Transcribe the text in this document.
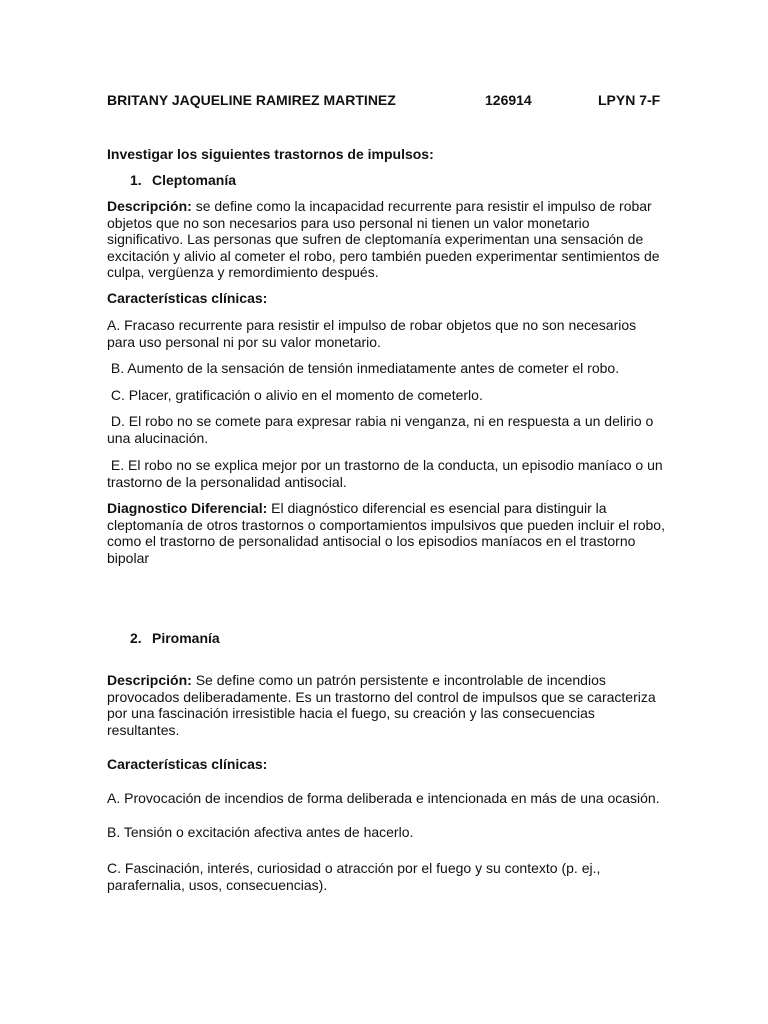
BRITANY JAQUELINE RAMIREZ MARTINEZ	126914	LPYN 7-F
Investigar los siguientes trastornos de impulsos:
1. Cleptomanía
Descripción: se define como la incapacidad recurrente para resistir el impulso de robar objetos que no son necesarios para uso personal ni tienen un valor monetario significativo. Las personas que sufren de cleptomanía experimentan una sensación de excitación y alivio al cometer el robo, pero también pueden experimentar sentimientos de culpa, vergüenza y remordimiento después.
Características clínicas:
A. Fracaso recurrente para resistir el impulso de robar objetos que no son necesarios para uso personal ni por su valor monetario.
B. Aumento de la sensación de tensión inmediatamente antes de cometer el robo.
C. Placer, gratificación o alivio en el momento de cometerlo.
D. El robo no se comete para expresar rabia ni venganza, ni en respuesta a un delirio o una alucinación.
E. El robo no se explica mejor por un trastorno de la conducta, un episodio maníaco o un trastorno de la personalidad antisocial.
Diagnostico Diferencial: El diagnóstico diferencial es esencial para distinguir la cleptomanía de otros trastornos o comportamientos impulsivos que pueden incluir el robo, como el trastorno de personalidad antisocial o los episodios maníacos en el trastorno bipolar
2. Piromanía
Descripción: Se define como un patrón persistente e incontrolable de incendios provocados deliberadamente. Es un trastorno del control de impulsos que se caracteriza por una fascinación irresistible hacia el fuego, su creación y las consecuencias resultantes.
Características clínicas:
A. Provocación de incendios de forma deliberada e intencionada en más de una ocasión.
B. Tensión o excitación afectiva antes de hacerlo.
C. Fascinación, interés, curiosidad o atracción por el fuego y su contexto (p. ej., parafernalia, usos, consecuencias).
